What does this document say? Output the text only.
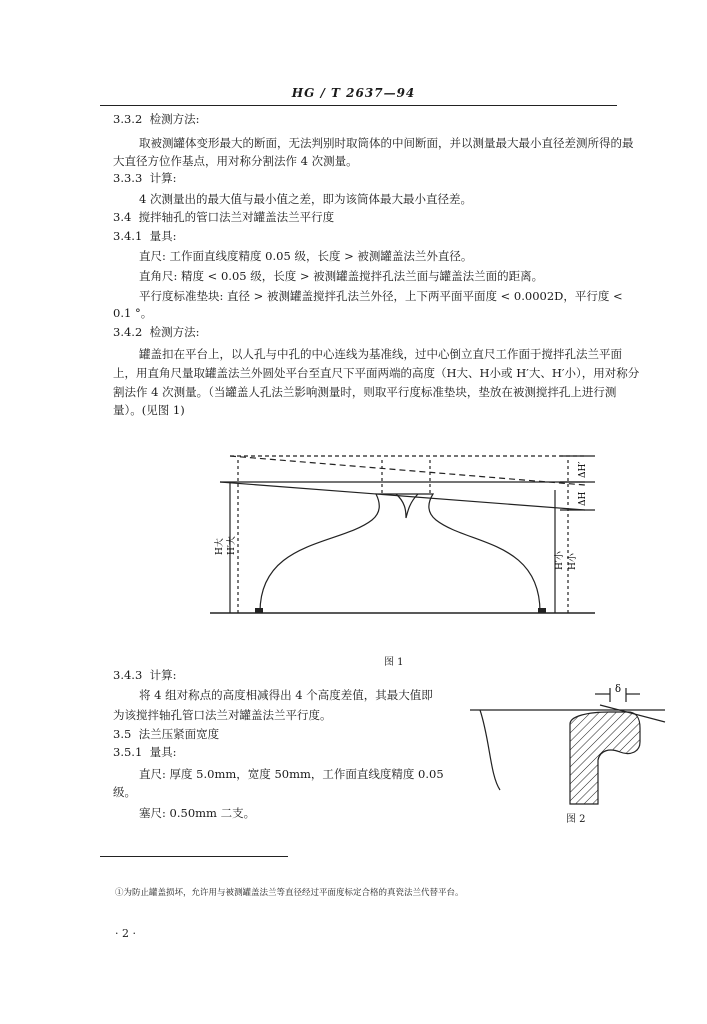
HG / T 2637—94
3.3.2 检测方法:
取被测罐体变形最大的断面，无法判别时取筒体的中间断面，并以测量最大最小直径差测所得的最
大直径方位作基点，用对称分割法作 4 次测量。
3.3.3 计算:
4 次测量出的最大值与最小值之差，即为该筒体最大最小直径差。
3.4 搅拌轴孔的管口法兰对罐盖法兰平行度
3.4.1 量具:
直尺: 工作面直线度精度 0.05 级，长度 > 被测罐盖法兰外直径。
直角尺: 精度 < 0.05 级，长度 > 被测罐盖搅拌孔法兰面与罐盖法兰面的距离。
平行度标准垫块: 直径 > 被测罐盖搅拌孔法兰外径，上下两平面平面度 < 0.0002D，平行度 <
0.1 °。
3.4.2 检测方法:
罐盖扣在平台上，以人孔与中孔的中心连线为基准线，过中心倒立直尺工作面于搅拌孔法兰平面
上，用直角尺量取罐盖法兰外圆处平台至直尺下平面两端的高度（H大、H小或 H′大、H′小），用对称分
割法作 4 次测量。（当罐盖人孔法兰影响测量时，则取平行度标准垫块，垫放在被测搅拌孔上进行测
量）。(见图 1)
H大 H′大
H′小 H小
ΔH′
ΔH
图 1
3.4.3 计算:
将 4 组对称点的高度相减得出 4 个高度差值，其最大值即
为该搅拌轴孔管口法兰对罐盖法兰平行度。
3.5 法兰压紧面宽度
3.5.1 量具:
直尺: 厚度 5.0mm，宽度 50mm，工作面直线度精度 0.05
级。
塞尺: 0.50mm 二支。
δ
图 2
①为防止罐盖损坏，允许用与被测罐盖法兰等直径经过平面度标定合格的真瓷法兰代替平台。
· 2 ·
